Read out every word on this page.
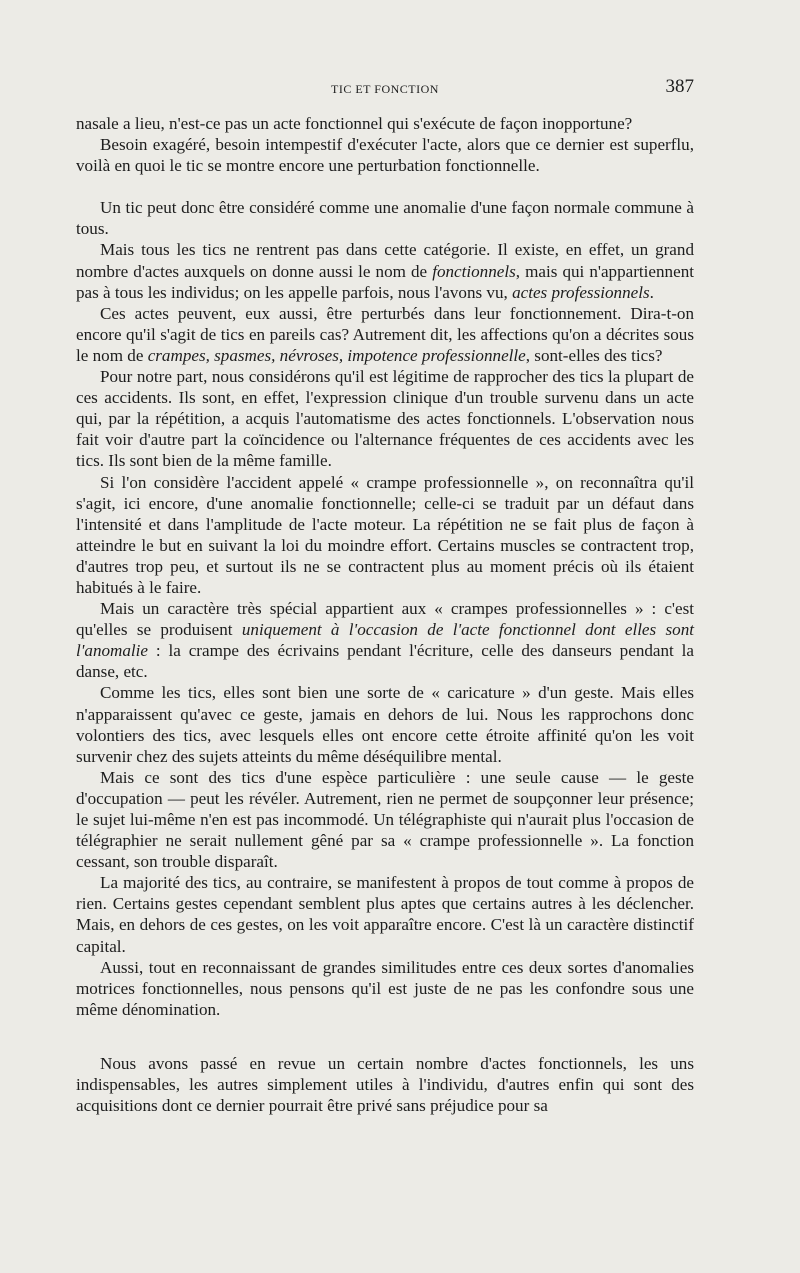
TIC ET FONCTION	387

nasale a lieu, n'est-ce pas un acte fonctionnel qui s'exécute de façon inopportune?

Besoin exagéré, besoin intempestif d'exécuter l'acte, alors que ce dernier est superflu, voilà en quoi le tic se montre encore une perturbation fonctionnelle.

Un tic peut donc être considéré comme une anomalie d'une façon normale commune à tous.

Mais tous les tics ne rentrent pas dans cette catégorie. Il existe, en effet, un grand nombre d'actes auxquels on donne aussi le nom de fonctionnels, mais qui n'appartiennent pas à tous les individus; on les appelle parfois, nous l'avons vu, actes professionnels.

Ces actes peuvent, eux aussi, être perturbés dans leur fonctionnement. Dira-t-on encore qu'il s'agit de tics en pareils cas? Autrement dit, les affections qu'on a décrites sous le nom de crampes, spasmes, névroses, impotence professionnelle, sont-elles des tics?

Pour notre part, nous considérons qu'il est légitime de rapprocher des tics la plupart de ces accidents. Ils sont, en effet, l'expression clinique d'un trouble survenu dans un acte qui, par la répétition, a acquis l'automatisme des actes fonctionnels. L'observation nous fait voir d'autre part la coïncidence ou l'alternance fréquentes de ces accidents avec les tics. Ils sont bien de la même famille.

Si l'on considère l'accident appelé « crampe professionnelle », on reconnaîtra qu'il s'agit, ici encore, d'une anomalie fonctionnelle; celle-ci se traduit par un défaut dans l'intensité et dans l'amplitude de l'acte moteur. La répétition ne se fait plus de façon à atteindre le but en suivant la loi du moindre effort. Certains muscles se contractent trop, d'autres trop peu, et surtout ils ne se contractent plus au moment précis où ils étaient habitués à le faire.

Mais un caractère très spécial appartient aux « crampes professionnelles » : c'est qu'elles se produisent uniquement à l'occasion de l'acte fonctionnel dont elles sont l'anomalie : la crampe des écrivains pendant l'écriture, celle des danseurs pendant la danse, etc.

Comme les tics, elles sont bien une sorte de « caricature » d'un geste. Mais elles n'apparaissent qu'avec ce geste, jamais en dehors de lui. Nous les rapprochons donc volontiers des tics, avec lesquels elles ont encore cette étroite affinité qu'on les voit survenir chez des sujets atteints du même déséquilibre mental.

Mais ce sont des tics d'une espèce particulière : une seule cause — le geste d'occupation — peut les révéler. Autrement, rien ne permet de soupçonner leur présence; le sujet lui-même n'en est pas incommodé. Un télégraphiste qui n'aurait plus l'occasion de télégraphier ne serait nullement gêné par sa « crampe professionnelle ». La fonction cessant, son trouble disparaît.

La majorité des tics, au contraire, se manifestent à propos de tout comme à propos de rien. Certains gestes cependant semblent plus aptes que certains autres à les déclencher. Mais, en dehors de ces gestes, on les voit apparaître encore. C'est là un caractère distinctif capital.

Aussi, tout en reconnaissant de grandes similitudes entre ces deux sortes d'anomalies motrices fonctionnelles, nous pensons qu'il est juste de ne pas les confondre sous une même dénomination.

Nous avons passé en revue un certain nombre d'actes fonctionnels, les uns indispensables, les autres simplement utiles à l'individu, d'autres enfin qui sont des acquisitions dont ce dernier pourrait être privé sans préjudice pour sa
